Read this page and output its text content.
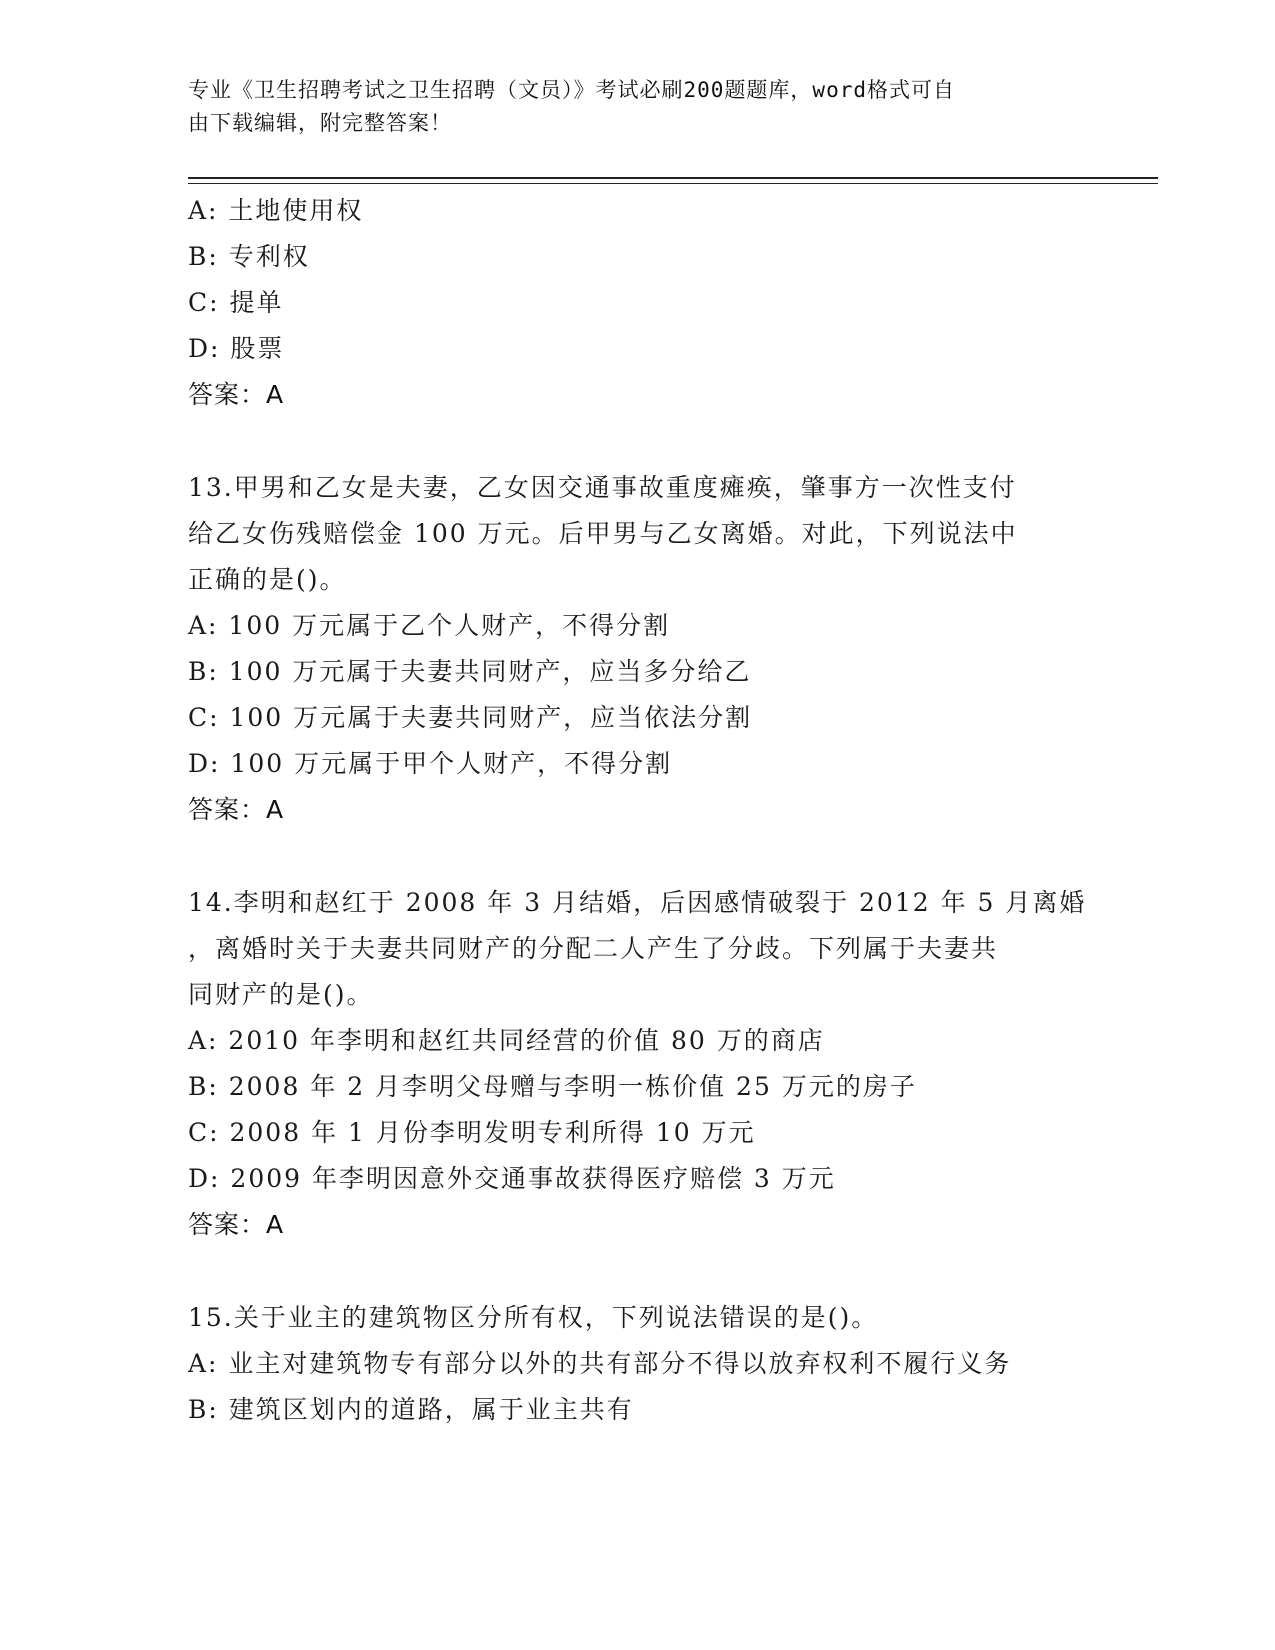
专业《卫生招聘考试之卫生招聘（文员）》考试必刷200题题库，word格式可自
由下载编辑，附完整答案！
A: 土地使用权
B: 专利权
C: 提单
D: 股票
答案：A
13.甲男和乙女是夫妻，乙女因交通事故重度瘫痪，肇事方一次性支付
给乙女伤残赔偿金 100 万元。后甲男与乙女离婚。对此，下列说法中
正确的是()。
A: 100 万元属于乙个人财产，不得分割
B: 100 万元属于夫妻共同财产，应当多分给乙
C: 100 万元属于夫妻共同财产，应当依法分割
D: 100 万元属于甲个人财产，不得分割
答案：A
14.李明和赵红于 2008 年 3 月结婚，后因感情破裂于 2012 年 5 月离婚
，离婚时关于夫妻共同财产的分配二人产生了分歧。下列属于夫妻共
同财产的是()。
A: 2010 年李明和赵红共同经营的价值 80 万的商店
B: 2008 年 2 月李明父母赠与李明一栋价值 25 万元的房子
C: 2008 年 1 月份李明发明专利所得 10 万元
D: 2009 年李明因意外交通事故获得医疗赔偿 3 万元
答案：A
15.关于业主的建筑物区分所有权，下列说法错误的是()。
A: 业主对建筑物专有部分以外的共有部分不得以放弃权利不履行义务
B: 建筑区划内的道路，属于业主共有
